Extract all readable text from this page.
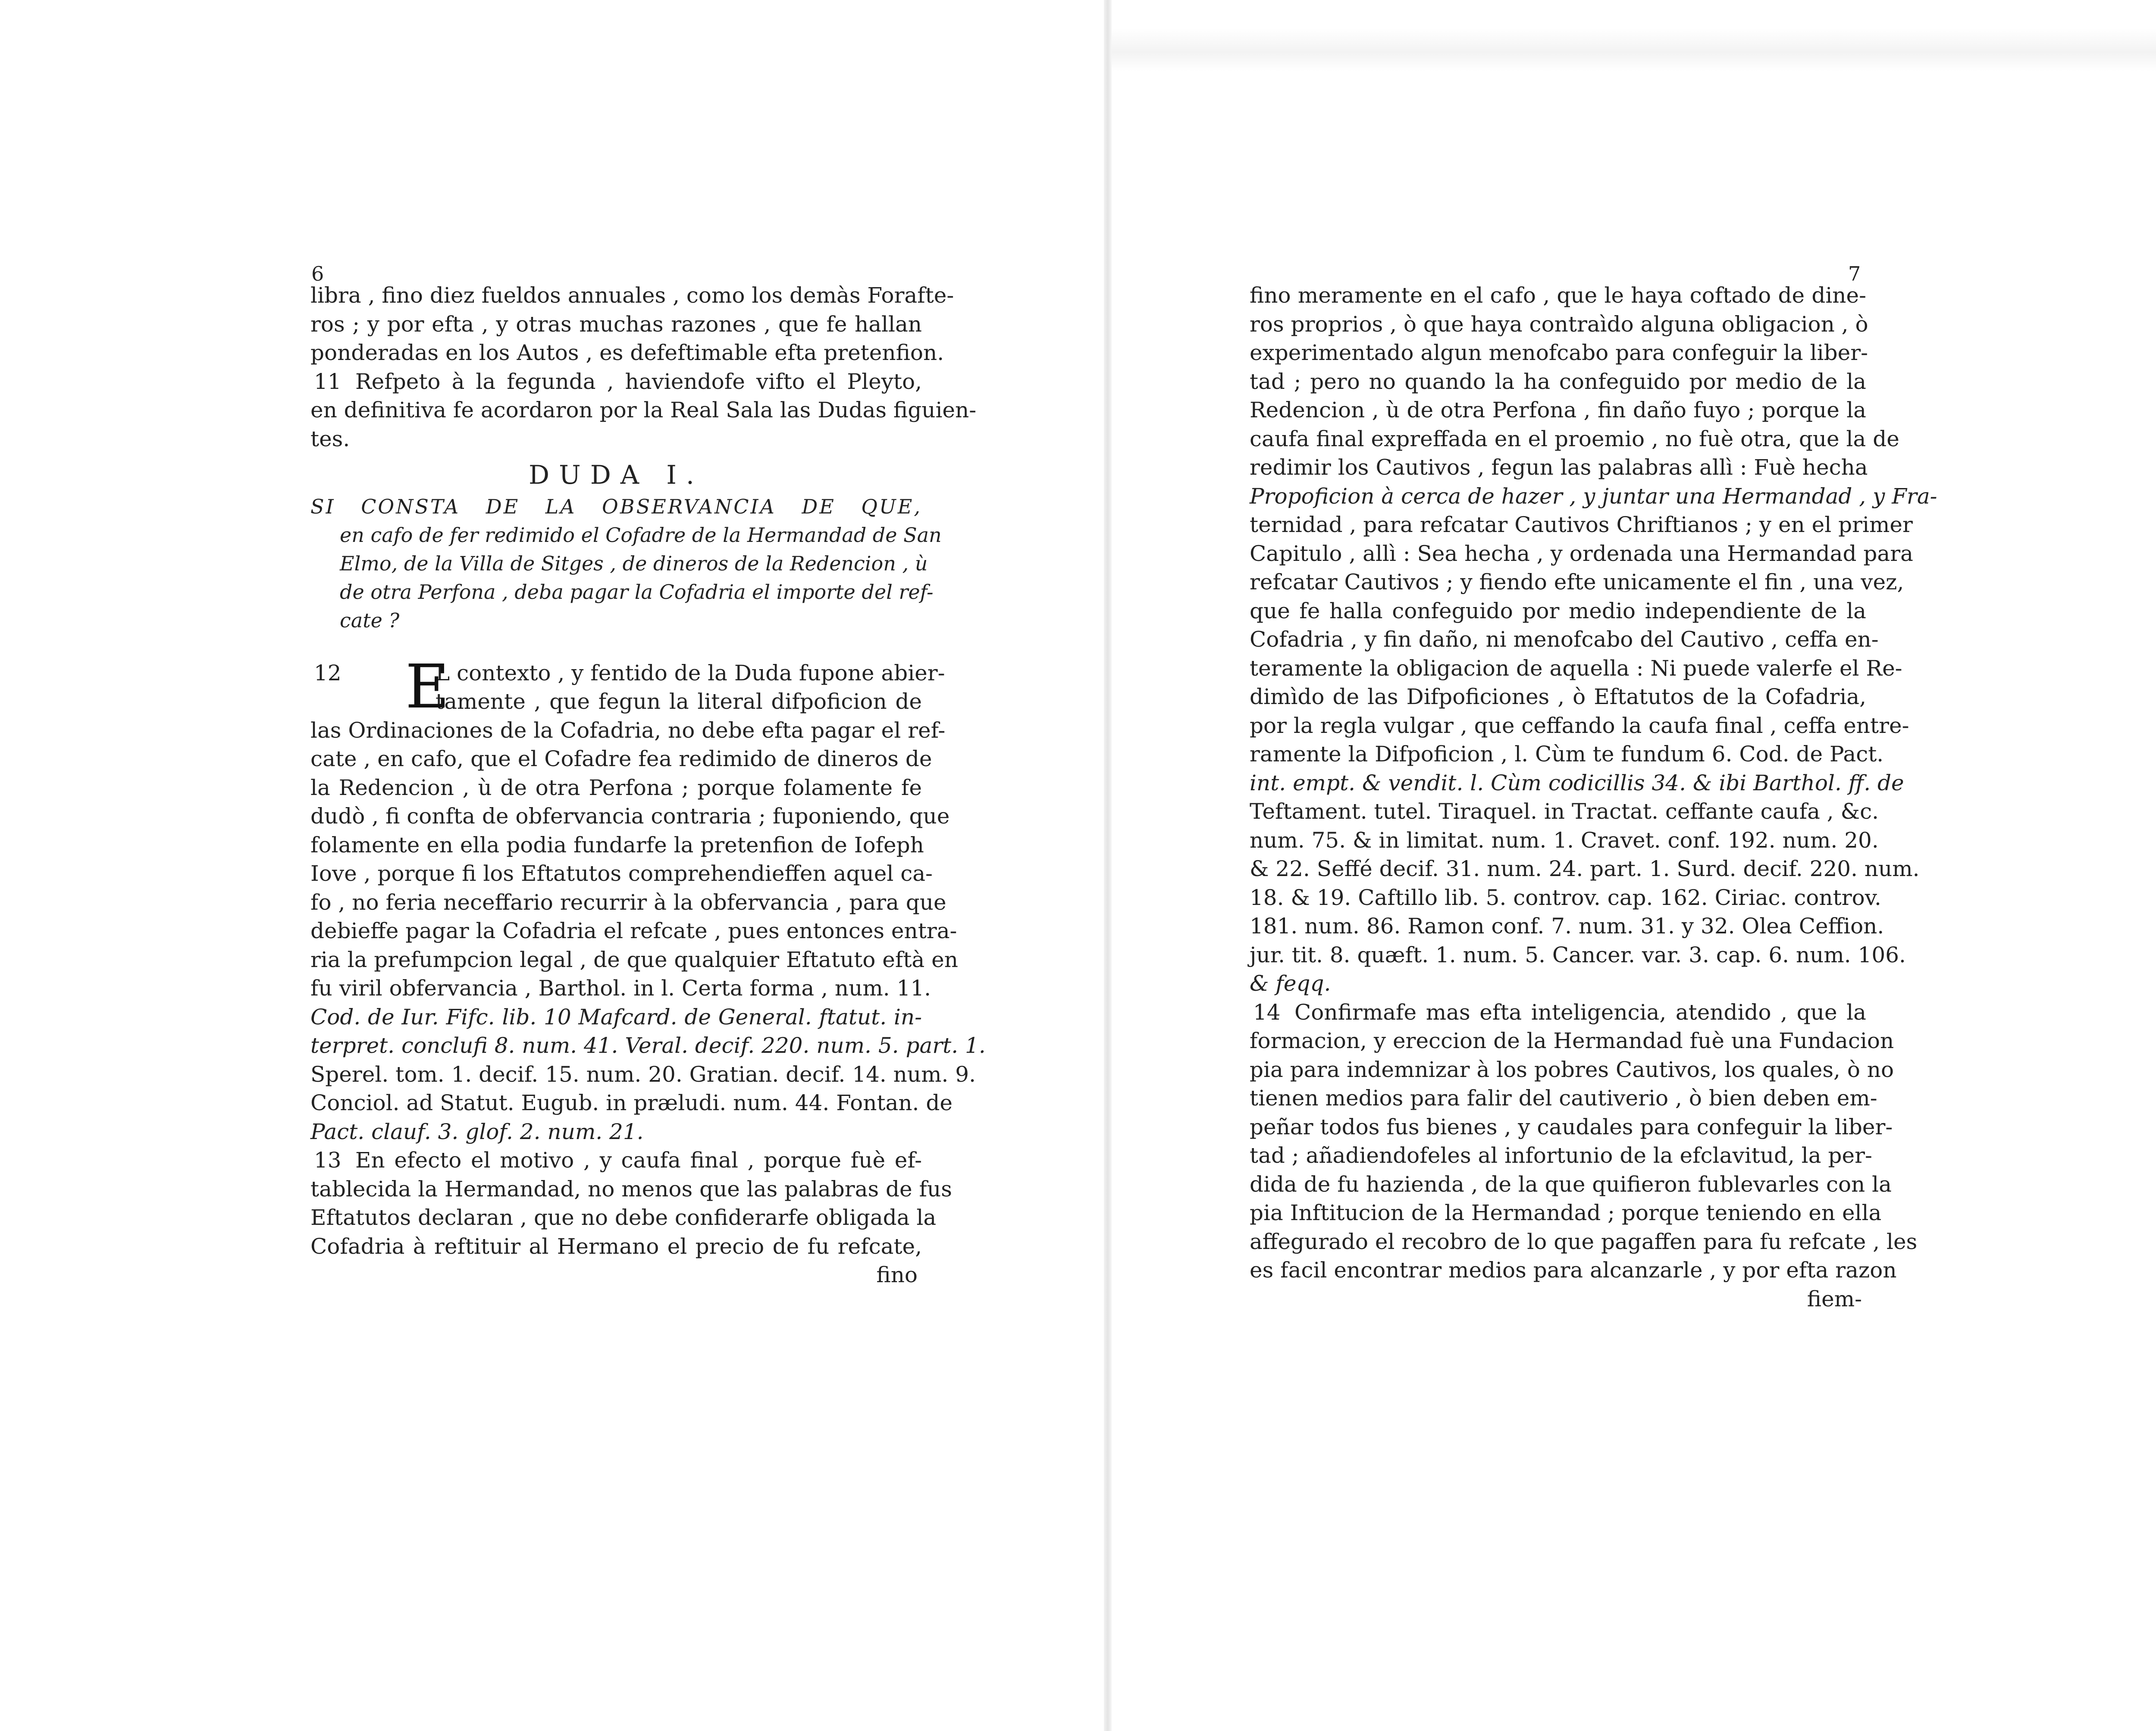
6
libra , fino diez fueldos annuales , como los demàs Forafte-
ros ; y por efta , y otras muchas razones , que fe hallan
ponderadas en los Autos , es defeftimable efta pretenfion.
11 Refpeto à la fegunda , haviendofe vifto el Pleyto,
en definitiva fe acordaron por la Real Sala las Dudas figuien-
tes.
DUDA I.
SI CONSTA DE LA OBSERVANCIA DE QUE,
en cafo de fer redimido el Cofadre de la Hermandad de San
Elmo, de la Villa de Sitges , de dineros de la Redencion , ù
de otra Perfona , deba pagar la Cofadria el importe del ref-
cate ?
12 E
L contexto , y fentido de la Duda fupone abier-
tamente , que fegun la literal difpoficion de
las Ordinaciones de la Cofadria, no debe efta pagar el ref-
cate , en cafo, que el Cofadre fea redimido de dineros de
la Redencion , ù de otra Perfona ; porque folamente fe
dudò , fi confta de obfervancia contraria ; fuponiendo, que
folamente en ella podia fundarfe la pretenfion de Iofeph
Iove , porque fi los Eftatutos comprehendieffen aquel ca-
fo , no feria neceffario recurrir à la obfervancia , para que
debieffe pagar la Cofadria el refcate , pues entonces entra-
ria la prefumpcion legal , de que qualquier Eftatuto eftà en
fu viril obfervancia , Barthol. in l. Certa forma , num. 11.
Cod. de Iur. Fifc. lib. 10 Mafcard. de General. ftatut. in-
terpret. conclufi 8. num. 41. Veral. decif. 220. num. 5. part. 1.
Sperel. tom. 1. decif. 15. num. 20. Gratian. decif. 14. num. 9.
Conciol. ad Statut. Eugub. in præludi. num. 44. Fontan. de
Pact. clauf. 3. glof. 2. num. 21.
13 En efecto el motivo , y caufa final , porque fuè ef-
tablecida la Hermandad, no menos que las palabras de fus
Eftatutos declaran , que no debe confiderarfe obligada la
Cofadria à reftituir al Hermano el precio de fu refcate,
fino
7
fino meramente en el cafo , que le haya coftado de dine-
ros proprios , ò que haya contraìdo alguna obligacion , ò
experimentado algun menofcabo para confeguir la liber-
tad ; pero no quando la ha confeguido por medio de la
Redencion , ù de otra Perfona , fin daño fuyo ; porque la
caufa final expreffada en el proemio , no fuè otra, que la de
redimir los Cautivos , fegun las palabras allì : Fuè hecha
Propoficion à cerca de hazer , y juntar una Hermandad , y Fra-
ternidad , para refcatar Cautivos Chriftianos ; y en el primer
Capitulo , allì : Sea hecha , y ordenada una Hermandad para
refcatar Cautivos ; y fiendo efte unicamente el fin , una vez,
que fe halla confeguido por medio independiente de la
Cofadria , y fin daño, ni menofcabo del Cautivo , ceffa en-
teramente la obligacion de aquella : Ni puede valerfe el Re-
dimìdo de las Difpoficiones , ò Eftatutos de la Cofadria,
por la regla vulgar , que ceffando la caufa final , ceffa entre-
ramente la Difpoficion , l. Cùm te fundum 6. Cod. de Pact.
int. empt. & vendit. l. Cùm codicillis 34. & ibi Barthol. ff. de
Teftament. tutel. Tiraquel. in Tractat. ceffante caufa , &c.
num. 75. & in limitat. num. 1. Cravet. conf. 192. num. 20.
& 22. Seffé decif. 31. num. 24. part. 1. Surd. decif. 220. num.
18. & 19. Caftillo lib. 5. controv. cap. 162. Ciriac. controv.
181. num. 86. Ramon conf. 7. num. 31. y 32. Olea Ceffion.
jur. tit. 8. quæft. 1. num. 5. Cancer. var. 3. cap. 6. num. 106.
& feqq.
14 Confirmafe mas efta inteligencia, atendido , que la
formacion, y ereccion de la Hermandad fuè una Fundacion
pia para indemnizar à los pobres Cautivos, los quales, ò no
tienen medios para falir del cautiverio , ò bien deben em-
peñar todos fus bienes , y caudales para confeguir la liber-
tad ; añadiendofeles al infortunio de la efclavitud, la per-
dida de fu hazienda , de la que quifieron fublevarles con la
pia Inftitucion de la Hermandad ; porque teniendo en ella
affegurado el recobro de lo que pagaffen para fu refcate , les
es facil encontrar medios para alcanzarle , y por efta razon
fiem-
